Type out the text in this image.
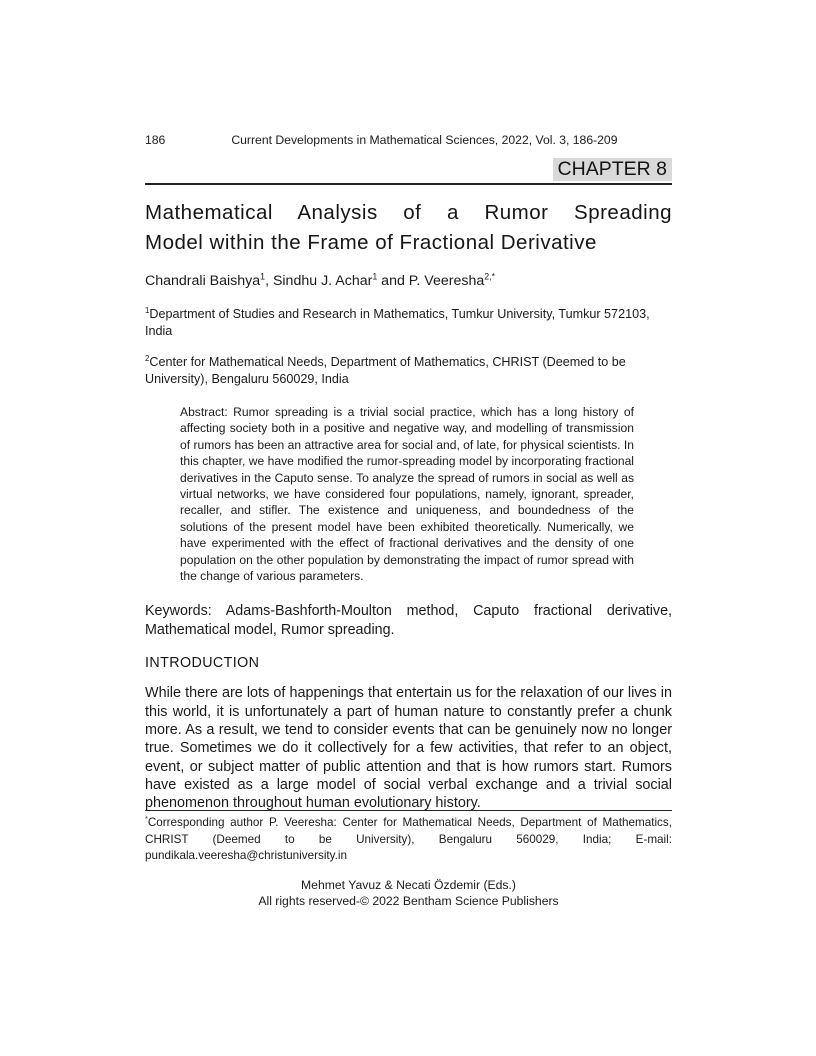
186	Current Developments in Mathematical Sciences, 2022, Vol. 3, 186-209
CHAPTER 8
Mathematical Analysis of a Rumor Spreading
Model within the Frame of Fractional Derivative
Chandrali Baishya$^1$, Sindhu J. Achar$^1$ and P. Veeresha$^{2,*}$

$^1$Department of Studies and Research in Mathematics, Tumkur University, Tumkur 572103, India

$^2$Center for Mathematical Needs, Department of Mathematics, CHRIST (Deemed to be University), Bengaluru 560029, India

Abstract: Rumor spreading is a trivial social practice, which has a long history of affecting society both in a positive and negative way, and modelling of transmission of rumors has been an attractive area for social and, of late, for physical scientists. In this chapter, we have modified the rumor-spreading model by incorporating fractional derivatives in the Caputo sense. To analyze the spread of rumors in social as well as virtual networks, we have considered four populations, namely, ignorant, spreader, recaller, and stifler. The existence and uniqueness, and boundedness of the solutions of the present model have been exhibited theoretically. Numerically, we have experimented with the effect of fractional derivatives and the density of one population on the other population by demonstrating the impact of rumor spread with the change of various parameters.

Keywords: Adams-Bashforth-Moulton method, Caputo fractional derivative, Mathematical model, Rumor spreading.

INTRODUCTION

While there are lots of happenings that entertain us for the relaxation of our lives in this world, it is unfortunately a part of human nature to constantly prefer a chunk more. As a result, we tend to consider events that can be genuinely now no longer true. Sometimes we do it collectively for a few activities, that refer to an object, event, or subject matter of public attention and that is how rumors start. Rumors have existed as a large model of social verbal exchange and a trivial social phenomenon throughout human evolutionary history.

*Corresponding author P. Veeresha: Center for Mathematical Needs, Department of Mathematics, CHRIST (Deemed to be University), Bengaluru 560029, India; E-mail: pundikala.veeresha@christuniversity.in

Mehmet Yavuz & Necati Özdemir (Eds.)
All rights reserved-© 2022 Bentham Science Publishers
